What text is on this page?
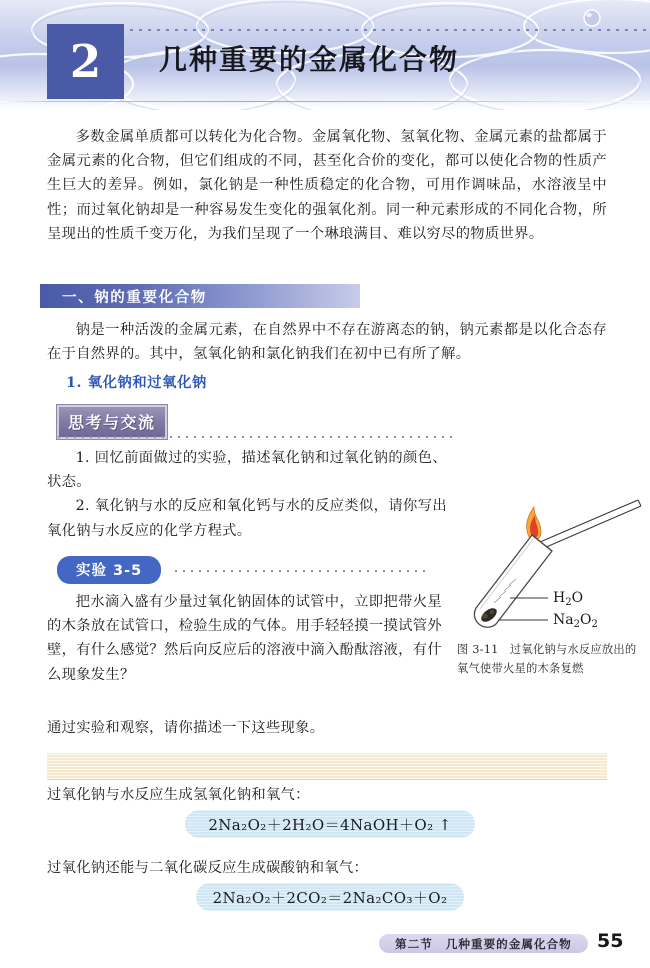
2 几种重要的金属化合物
多数金属单质都可以转化为化合物。金属氧化物、氢氧化物、金属元素的盐都属于金属元素的化合物，但它们组成的不同，甚至化合价的变化，都可以使化合物的性质产生巨大的差异。例如，氯化钠是一种性质稳定的化合物，可用作调味品，水溶液呈中性；而过氧化钠却是一种容易发生变化的强氧化剂。同一种元素形成的不同化合物，所呈现出的性质千变万化，为我们呈现了一个琳琅满目、难以穷尽的物质世界。
一、钠的重要化合物
钠是一种活泼的金属元素，在自然界中不存在游离态的钠，钠元素都是以化合态存在于自然界的。其中，氢氧化钠和氯化钠我们在初中已有所了解。
1. 氧化钠和过氧化钠
思考与交流
1. 回忆前面做过的实验，描述氧化钠和过氧化钠的颜色、状态。
2. 氧化钠与水的反应和氧化钙与水的反应类似，请你写出氧化钠与水反应的化学方程式。
实验 3-5
把水滴入盛有少量过氧化钠固体的试管中，立即把带火星的木条放在试管口，检验生成的气体。用手轻轻摸一摸试管外壁，有什么感觉？然后向反应后的溶液中滴入酚酞溶液，有什么现象发生？
$H_2O$
$Na_2O_2$
图 3-11 过氧化钠与水反应放出的氧气使带火星的木条复燃
通过实验和观察，请你描述一下这些现象。
过氧化钠与水反应生成氢氧化钠和氧气：
2Na₂O₂＋2H₂O＝4NaOH＋O₂ ↑
过氧化钠还能与二氧化碳反应生成碳酸钠和氧气：
2Na₂O₂＋2CO₂＝2Na₂CO₃＋O₂
第二节 几种重要的金属化合物 55
